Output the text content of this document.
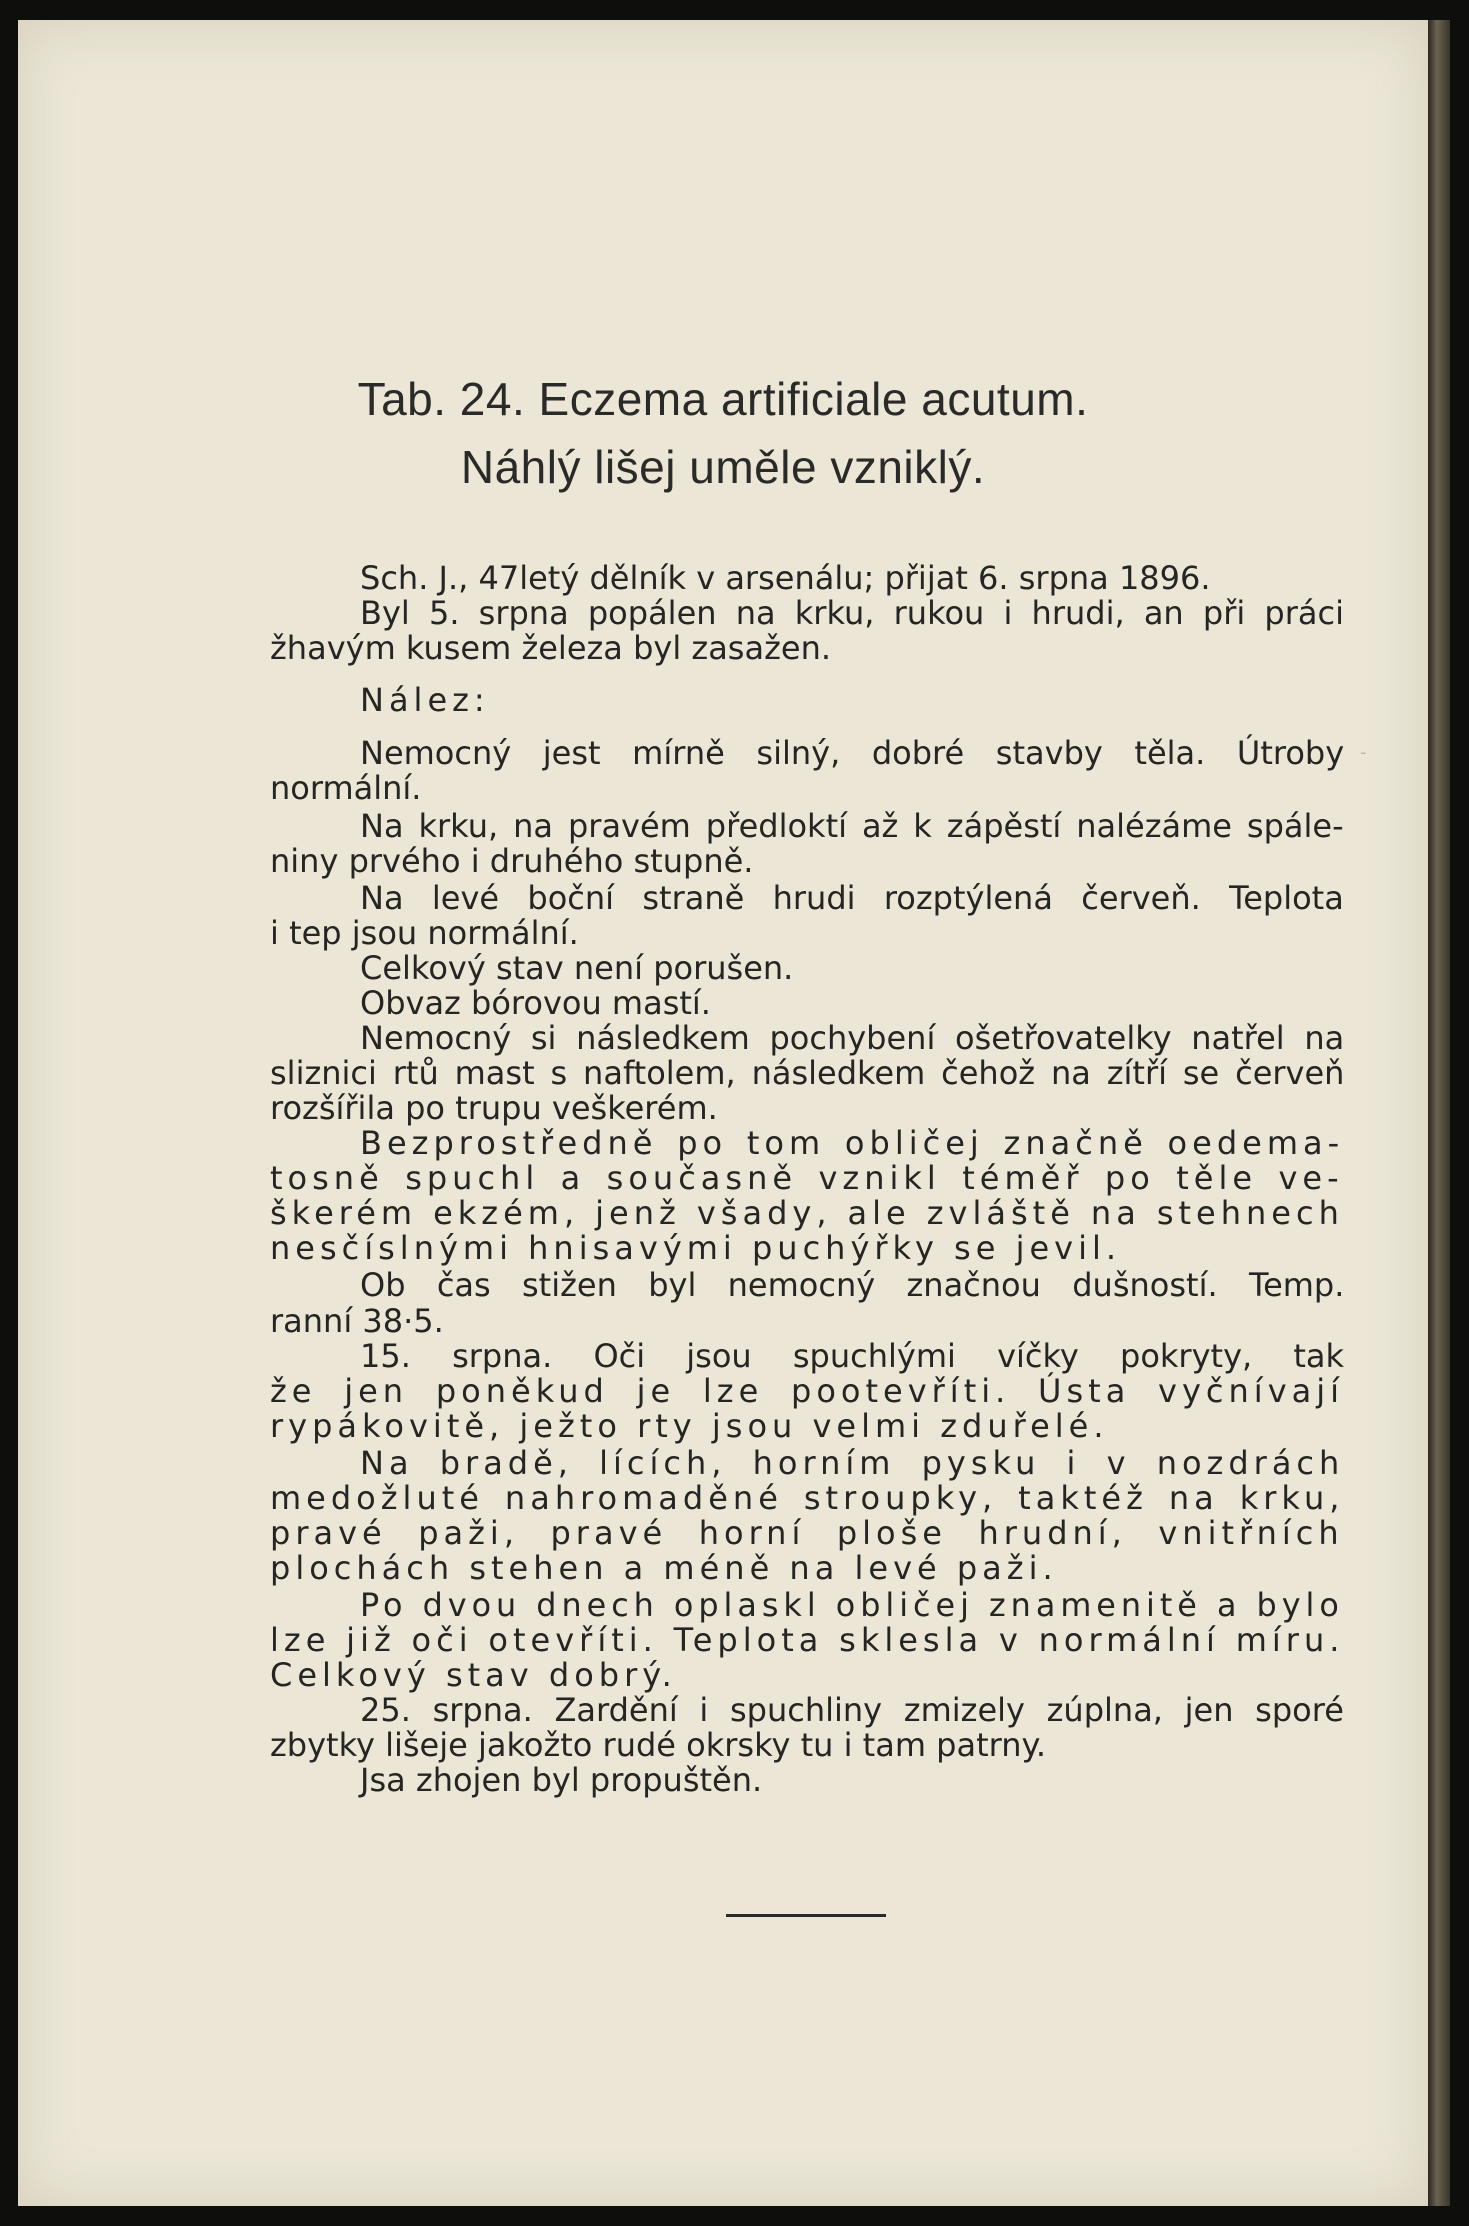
Tab. 24. Eczema artificiale acutum.
Náhlý lišej uměle vzniklý.
Sch. J., 47letý dělník v arsenálu; přijat 6. srpna 1896.
Byl 5. srpna popálen na krku, rukou i hrudi, an při práci
žhavým kusem železa byl zasažen.
Nález:
Nemocný jest mírně silný, dobré stavby těla. Útroby
normální.
Na krku, na pravém předloktí až k zápěstí nalézáme spále-
niny prvého i druhého stupně.
Na levé boční straně hrudi rozptýlená červeň. Teplota
i tep jsou normální.
Celkový stav není porušen.
Obvaz bórovou mastí.
Nemocný si následkem pochybení ošetřovatelky natřel na
sliznici rtů mast s naftolem, následkem čehož na zítří se červeň
rozšířila po trupu veškerém.
Bezprostředně po tom obličej značně oedema-
tosně spuchl a současně vznikl téměř po těle ve-
škerém ekzém, jenž všady, ale zvláště na stehnech
nesčíslnými hnisavými puchýřky se jevil.
Ob čas stižen byl nemocný značnou dušností. Temp.
ranní 38·5.
15. srpna. Oči jsou spuchlými víčky pokryty, tak
že jen poněkud je lze pootevříti. Ústa vyčnívají
rypákovitě, ježto rty jsou velmi zduřelé.
Na bradě, lících, horním pysku i v nozdrách
medožluté nahromaděné stroupky, taktéž na krku,
pravé paži, pravé horní ploše hrudní, vnitřních
plochách stehen a méně na levé paži.
Po dvou dnech oplaskl obličej znamenitě a bylo
lze již oči otevříti. Teplota sklesla v normální míru.
Celkový stav dobrý.
25. srpna. Zardění i spuchliny zmizely zúplna, jen sporé
zbytky lišeje jakožto rudé okrsky tu i tam patrny.
Jsa zhojen byl propuštěn.
-
